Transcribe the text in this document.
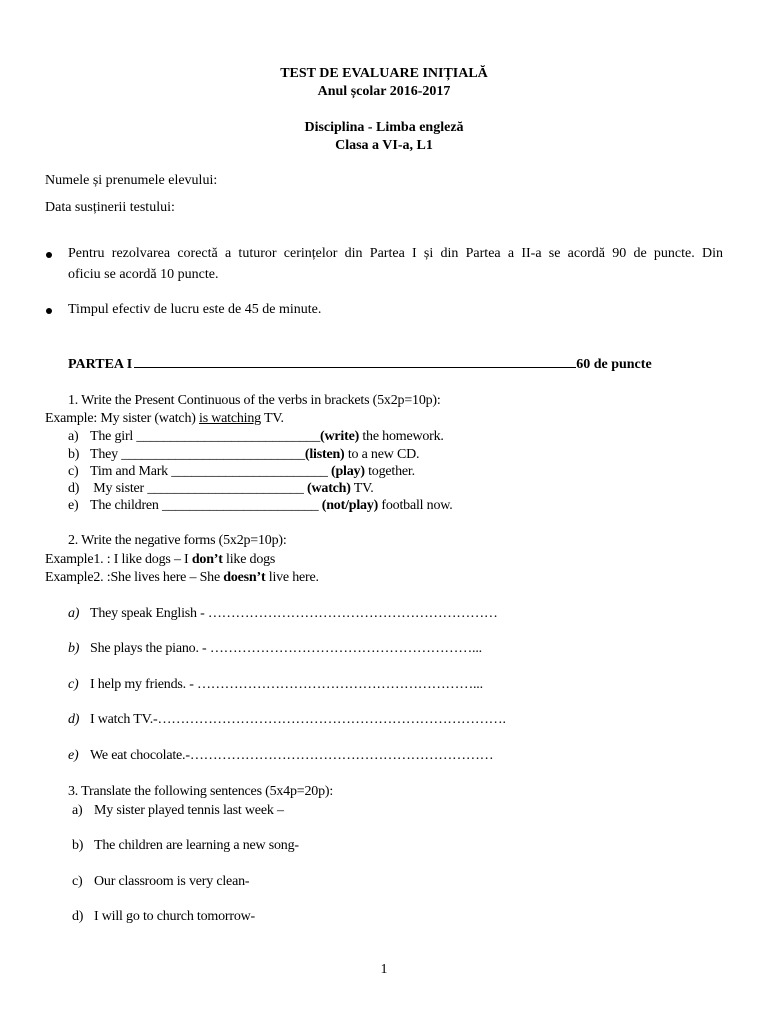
TEST DE EVALUARE INIȚIALĂ
Anul școlar 2016-2017
Disciplina - Limba engleză
Clasa a VI-a, L1
Numele și prenumele elevului:
Data susținerii testului:
Pentru rezolvarea corectă a tuturor cerințelor din Partea I și din Partea a II-a se acordă 90 de puncte. Din
oficiu se acordă 10 puncte.
Timpul efectiv de lucru este de 45 de minute.
PARTEA I	60 de puncte
1. Write the Present Continuous of the verbs in brackets (5x2p=10p):
Example: My sister (watch) is watching TV.
a) The girl ___________________________(write) the homework.
b) They ___________________________(listen) to a new CD.
c) Tim and Mark _______________________ (play) together.
d) My sister _______________________ (watch) TV.
e) The children _______________________ (not/play) football now.
2. Write the negative forms (5x2p=10p):
Example1. : I like dogs – I don’t like dogs
Example2. :She lives here – She doesn’t live here.
a) They speak English - ………………………………………………………
b) She plays the piano. - …………………………………………………...
c) I help my friends. - ……………………………………………………...
d) I watch TV.-………………………………………………………………….
e) We eat chocolate.-…………………………………………………………
3. Translate the following sentences (5x4p=20p):
a) My sister played tennis last week –
b) The children are learning a new song-
c) Our classroom is very clean-
d) I will go to church tomorrow-
1
